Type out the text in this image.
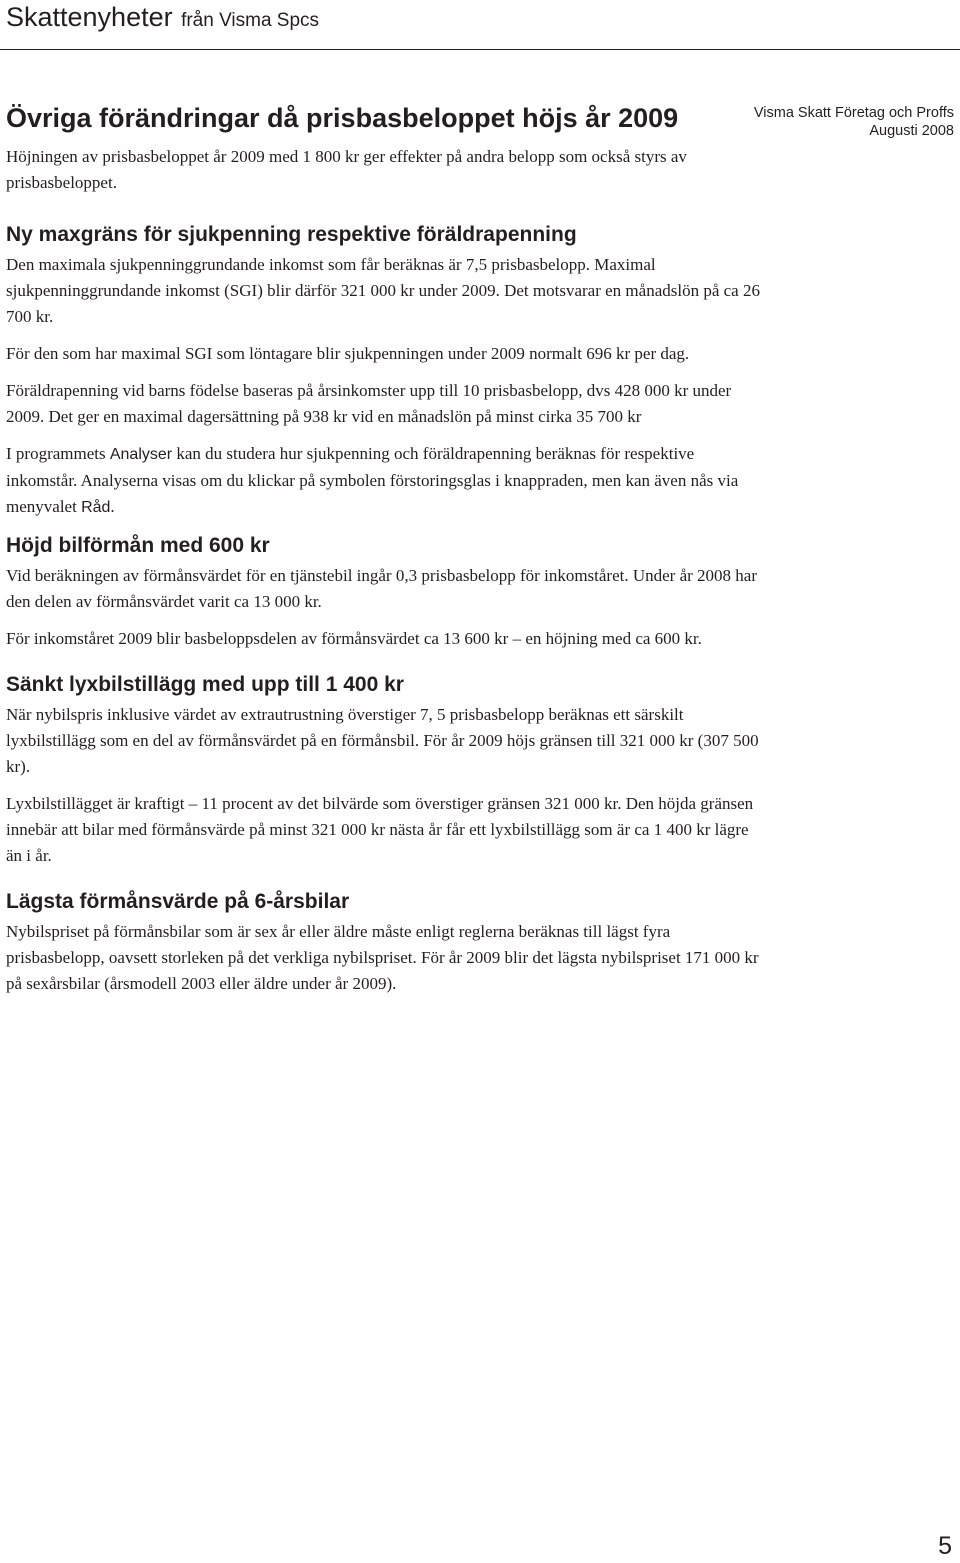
Skattenyheter från Visma Spcs
Visma Skatt Företag och Proffs
Augusti 2008
Övriga förändringar då prisbasbeloppet höjs år 2009

Höjningen av prisbasbeloppet år 2009 med 1 800 kr ger effekter på andra belopp som också styrs av prisbasbeloppet.

Ny maxgräns för sjukpenning respektive föräldrapenning

Den maximala sjukpenninggrundande inkomst som får beräknas är 7,5 prisbasbelopp. Maximal sjukpenninggrundande inkomst (SGI) blir därför 321 000 kr under 2009. Det motsvarar en månadslön på ca 26 700 kr.

För den som har maximal SGI som löntagare blir sjukpenningen under 2009 normalt 696 kr per dag.

Föräldrapenning vid barns födelse baseras på årsinkomster upp till 10 prisbasbelopp, dvs 428 000 kr under 2009. Det ger en maximal dagersättning på 938 kr vid en månadslön på minst cirka 35 700 kr

I programmets Analyser kan du studera hur sjukpenning och föräldrapenning beräknas för respektive inkomstår. Analyserna visas om du klickar på symbolen förstoringsglas i knappraden, men kan även nås via menyvalet Råd.

Höjd bilförmån med 600 kr

Vid beräkningen av förmånsvärdet för en tjänstebil ingår 0,3 prisbasbelopp för inkomståret. Under år 2008 har den delen av förmånsvärdet varit ca 13 000 kr.

För inkomståret 2009 blir basbeloppsdelen av förmånsvärdet ca 13 600 kr – en höjning med ca 600 kr.

Sänkt lyxbilstillägg med upp till 1 400 kr

När nybilspris inklusive värdet av extrautrustning överstiger 7, 5 prisbasbelopp beräknas ett särskilt lyxbilstillägg som en del av förmånsvärdet på en förmånsbil. För år 2009 höjs gränsen till 321 000 kr (307 500 kr).

Lyxbilstillägget är kraftigt – 11 procent av det bilvärde som överstiger gränsen 321 000 kr. Den höjda gränsen innebär att bilar med förmånsvärde på minst 321 000 kr nästa år får ett lyxbilstillägg som är ca 1 400 kr lägre än i år.

Lägsta förmånsvärde på 6-årsbilar

Nybilspriset på förmånsbilar som är sex år eller äldre måste enligt reglerna beräknas till lägst fyra prisbasbelopp, oavsett storleken på det verkliga nybilspriset. För år 2009 blir det lägsta nybilspriset 171 000 kr på sexårsbilar (årsmodell 2003 eller äldre under år 2009).

5
